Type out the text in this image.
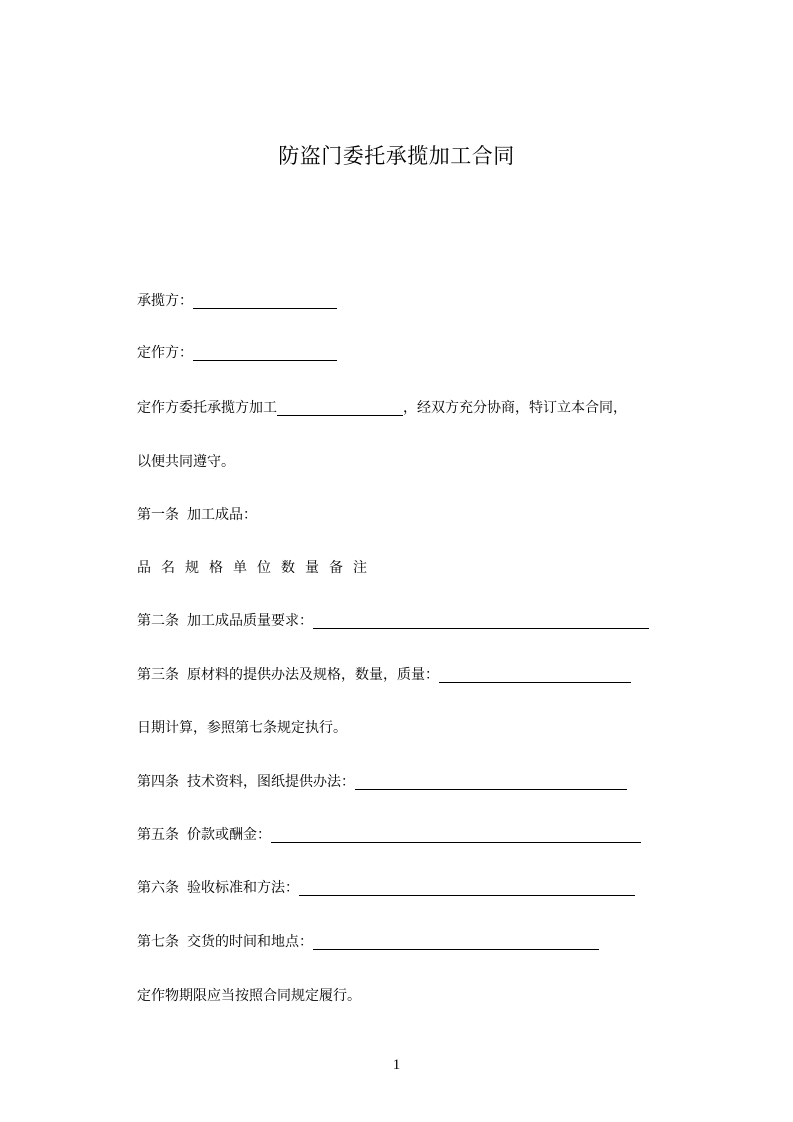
防盗门委托承揽加工合同
承揽方：
定作方：
定作方委托承揽方加工	，经双方充分协商，特订立本合同，
以便共同遵守。
第一条 加工成品：
品名规格单位数量备注
第二条 加工成品质量要求：
第三条 原材料的提供办法及规格，数量，质量：
日期计算，参照第七条规定执行。
第四条 技术资料，图纸提供办法：
第五条 价款或酬金：
第六条 验收标准和方法：
第七条 交货的时间和地点：
定作物期限应当按照合同规定履行。
1
